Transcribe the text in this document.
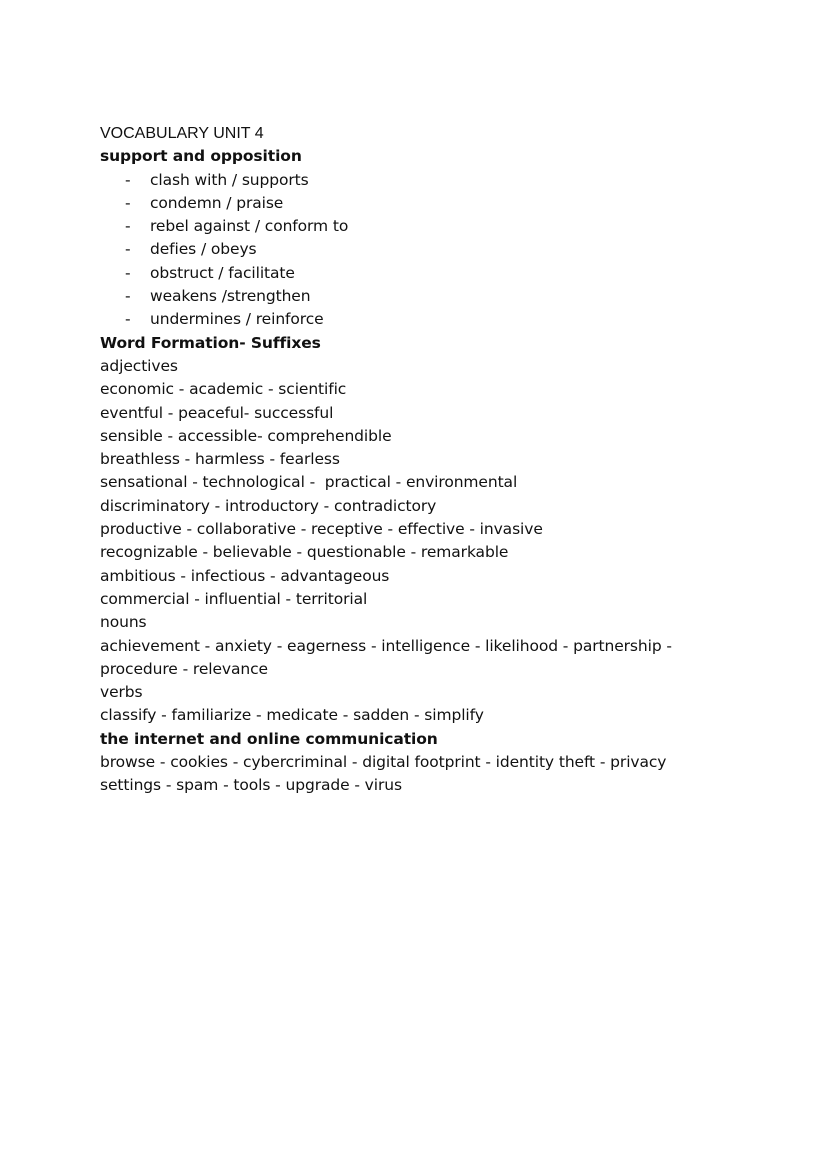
VOCABULARY UNIT 4
support and opposition
- clash with / supports
- condemn / praise
- rebel against / conform to
- defies / obeys
- obstruct / facilitate
- weakens /strengthen
- undermines / reinforce
Word Formation- Suffixes
adjectives
economic - academic - scientific
eventful - peaceful- successful
sensible - accessible- comprehendible
breathless - harmless - fearless
sensational - technological -  practical - environmental
discriminatory - introductory - contradictory
productive - collaborative - receptive - effective - invasive
recognizable - believable - questionable - remarkable
ambitious - infectious - advantageous
commercial - influential - territorial
nouns
achievement - anxiety - eagerness - intelligence - likelihood - partnership - procedure - relevance
verbs
classify - familiarize - medicate - sadden - simplify
the internet and online communication
browse - cookies - cybercriminal - digital footprint - identity theft - privacy settings - spam - tools - upgrade - virus
